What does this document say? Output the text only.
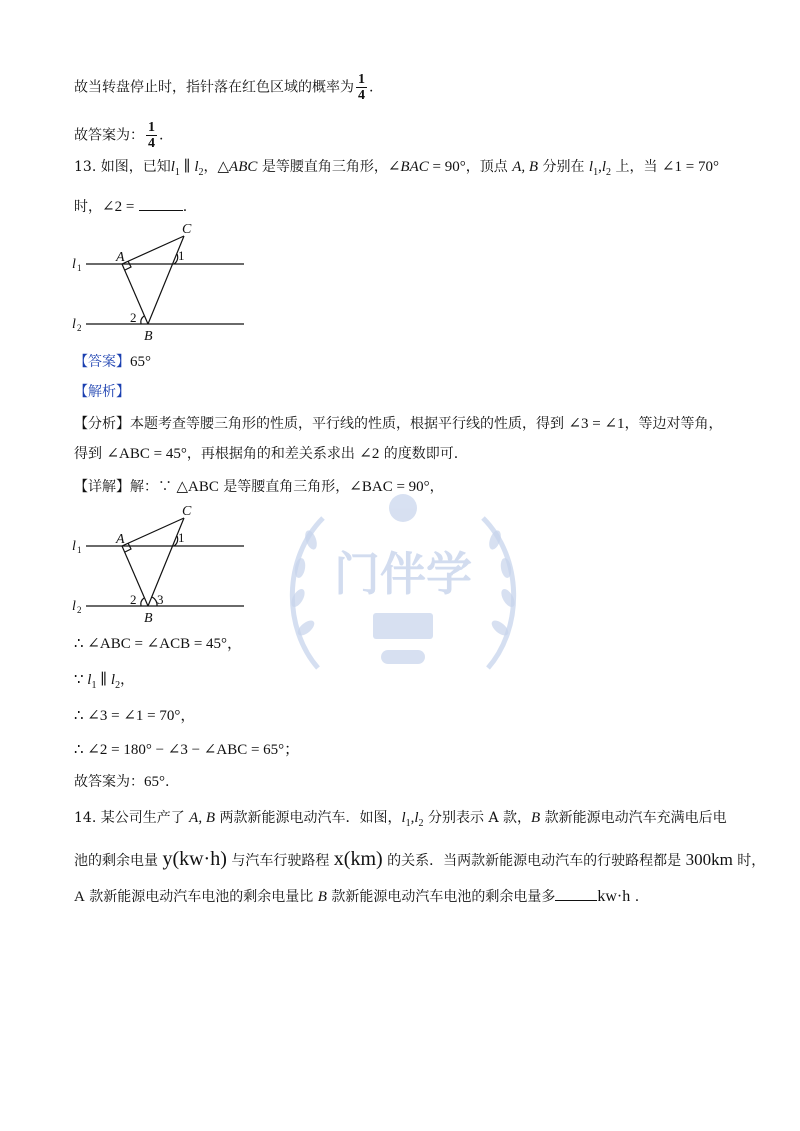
门伴学
故当转盘停止时，指针落在红色区域的概率为 $\frac{1}{4}$ .
故答案为： $\frac{1}{4}$ .
13. 如图，已知$l_1$ ∥ $l_2$，△ABC 是等腰直角三角形，∠BAC = 90°，顶点 A, B 分别在 $l_1,l_2$ 上，当 ∠1 = 70°
时，∠2 =	.
l
l
A
B
C
1
2
1
2
【答案】65°
【解析】
【分析】本题考查等腰三角形的性质，平行线的性质，根据平行线的性质，得到 ∠3 = ∠1，等边对等角，
得到 ∠ABC = 45°，再根据角的和差关系求出 ∠2 的度数即可.
【详解】解：∵ △ABC 是等腰直角三角形，∠BAC = 90°，
l
l
A
B
C
1
2
1
2 3
∴ ∠ABC = ∠ACB = 45°，
∵ $l_1$ ∥ $l_2$，
∴ ∠3 = ∠1 = 70°，
∴ ∠2 = 180° − ∠3 − ∠ABC = 65°；
故答案为：65°.
14. 某公司生产了 A, B 两款新能源电动汽车．如图，$l_1,l_2$ 分别表示 A 款，B 款新能源电动汽车充满电后电
池的剩余电量 y(kw·h) 与汽车行驶路程 x(km) 的关系．当两款新能源电动汽车的行驶路程都是 300km 时，
A 款新能源电动汽车电池的剩余电量比 B 款新能源电动汽车电池的剩余电量多	kw·h .
